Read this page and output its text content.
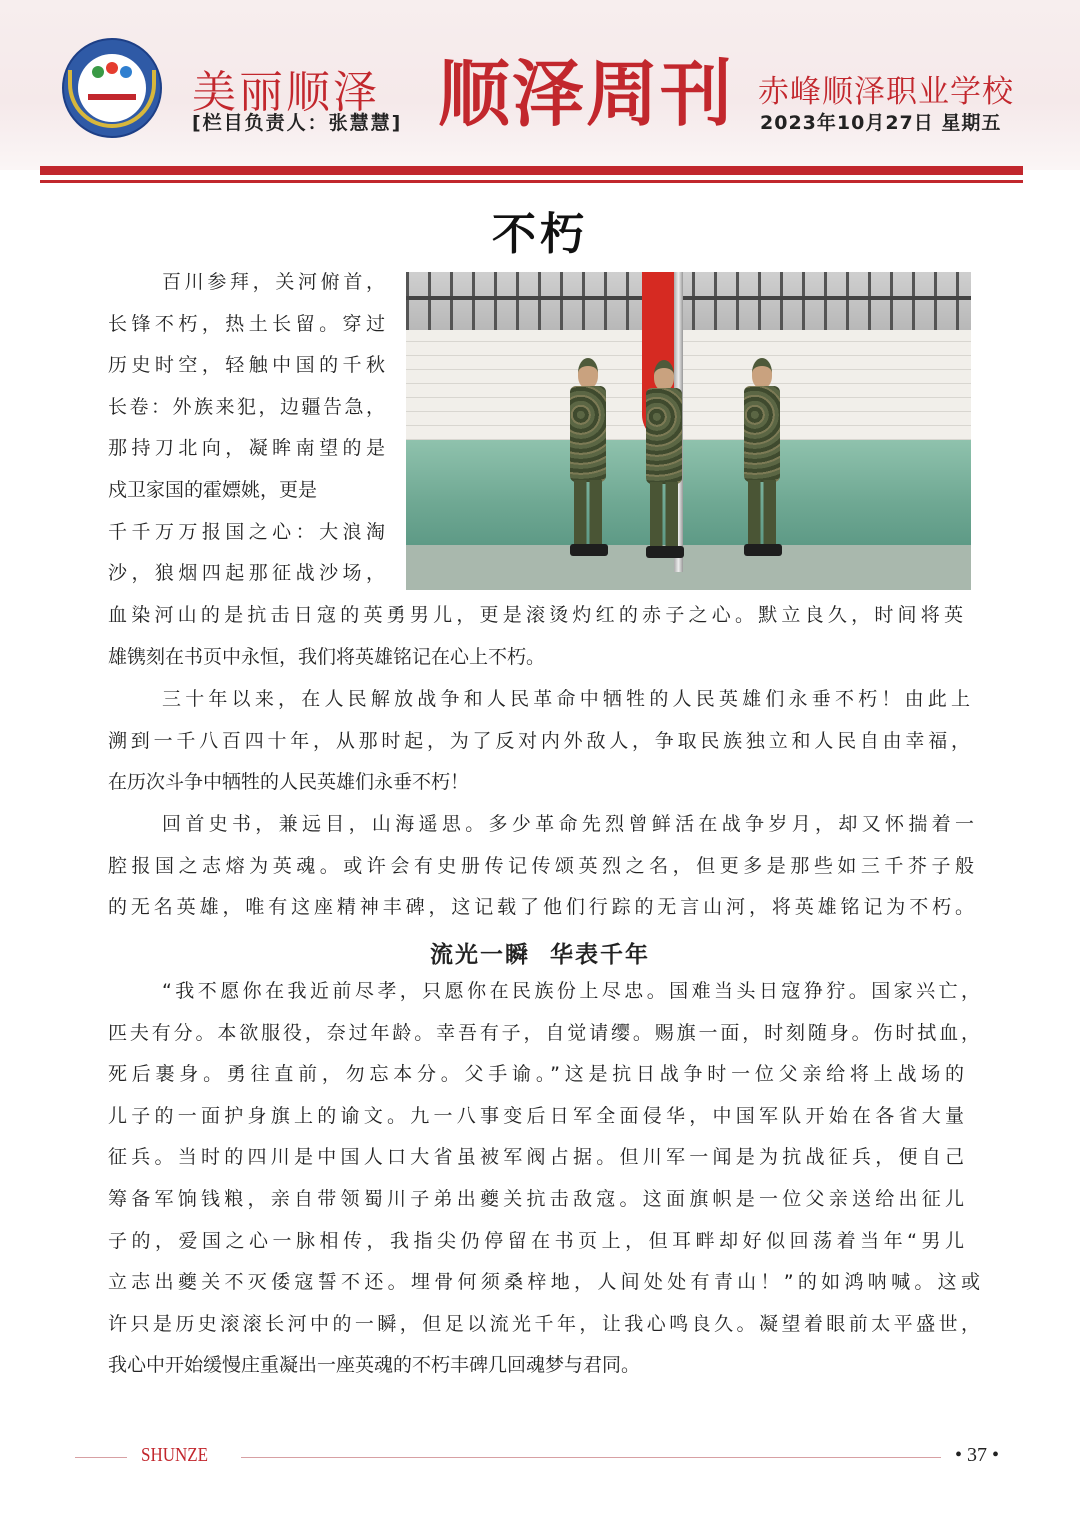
美丽顺泽
[栏目负责人：张慧慧] 顺泽周刊 赤峰顺泽职业学校
2023年10月27日 星期五
不朽
百川参拜，关河俯首，
长锋不朽，热土长留。穿过
历史时空，轻触中国的千秋
长卷：外族来犯，边疆告急，
那持刀北向，凝眸南望的是
戍卫家国的霍嫖姚，更是
千千万万报国之心：大浪淘
沙，狼烟四起那征战沙场，
血染河山的是抗击日寇的英勇男儿，更是滚烫灼红的赤子之心。默立良久，时间将英
雄镌刻在书页中永恒，我们将英雄铭记在心上不朽。
三十年以来，在人民解放战争和人民革命中牺牲的人民英雄们永垂不朽！由此上
溯到一千八百四十年，从那时起，为了反对内外敌人，争取民族独立和人民自由幸福，
在历次斗争中牺牲的人民英雄们永垂不朽！
回首史书，兼远目，山海遥思。多少革命先烈曾鲜活在战争岁月，却又怀揣着一
腔报国之志熔为英魂。或许会有史册传记传颂英烈之名，但更多是那些如三千芥子般
的无名英雄，唯有这座精神丰碑，这记载了他们行踪的无言山河，将英雄铭记为不朽。
流光一瞬  华表千年
“我不愿你在我近前尽孝，只愿你在民族份上尽忠。国难当头日寇狰狞。国家兴亡，
匹夫有分。本欲服役，奈过年龄。幸吾有子，自觉请缨。赐旗一面，时刻随身。伤时拭血，
死后裹身。勇往直前，勿忘本分。父手谕。”这是抗日战争时一位父亲给将上战场的
儿子的一面护身旗上的谕文。九一八事变后日军全面侵华，中国军队开始在各省大量
征兵。当时的四川是中国人口大省虽被军阀占据。但川军一闻是为抗战征兵，便自己
筹备军饷钱粮，亲自带领蜀川子弟出夔关抗击敌寇。这面旗帜是一位父亲送给出征儿
子的，爱国之心一脉相传，我指尖仍停留在书页上，但耳畔却好似回荡着当年“男儿
立志出夔关不灭倭寇誓不还。埋骨何须桑梓地，人间处处有青山！”的如鸿呐喊。这或
许只是历史滚滚长河中的一瞬，但足以流光千年，让我心鸣良久。凝望着眼前太平盛世，
我心中开始缓慢庄重凝出一座英魂的不朽丰碑几回魂梦与君同。
SHUNZE	• 37 •
